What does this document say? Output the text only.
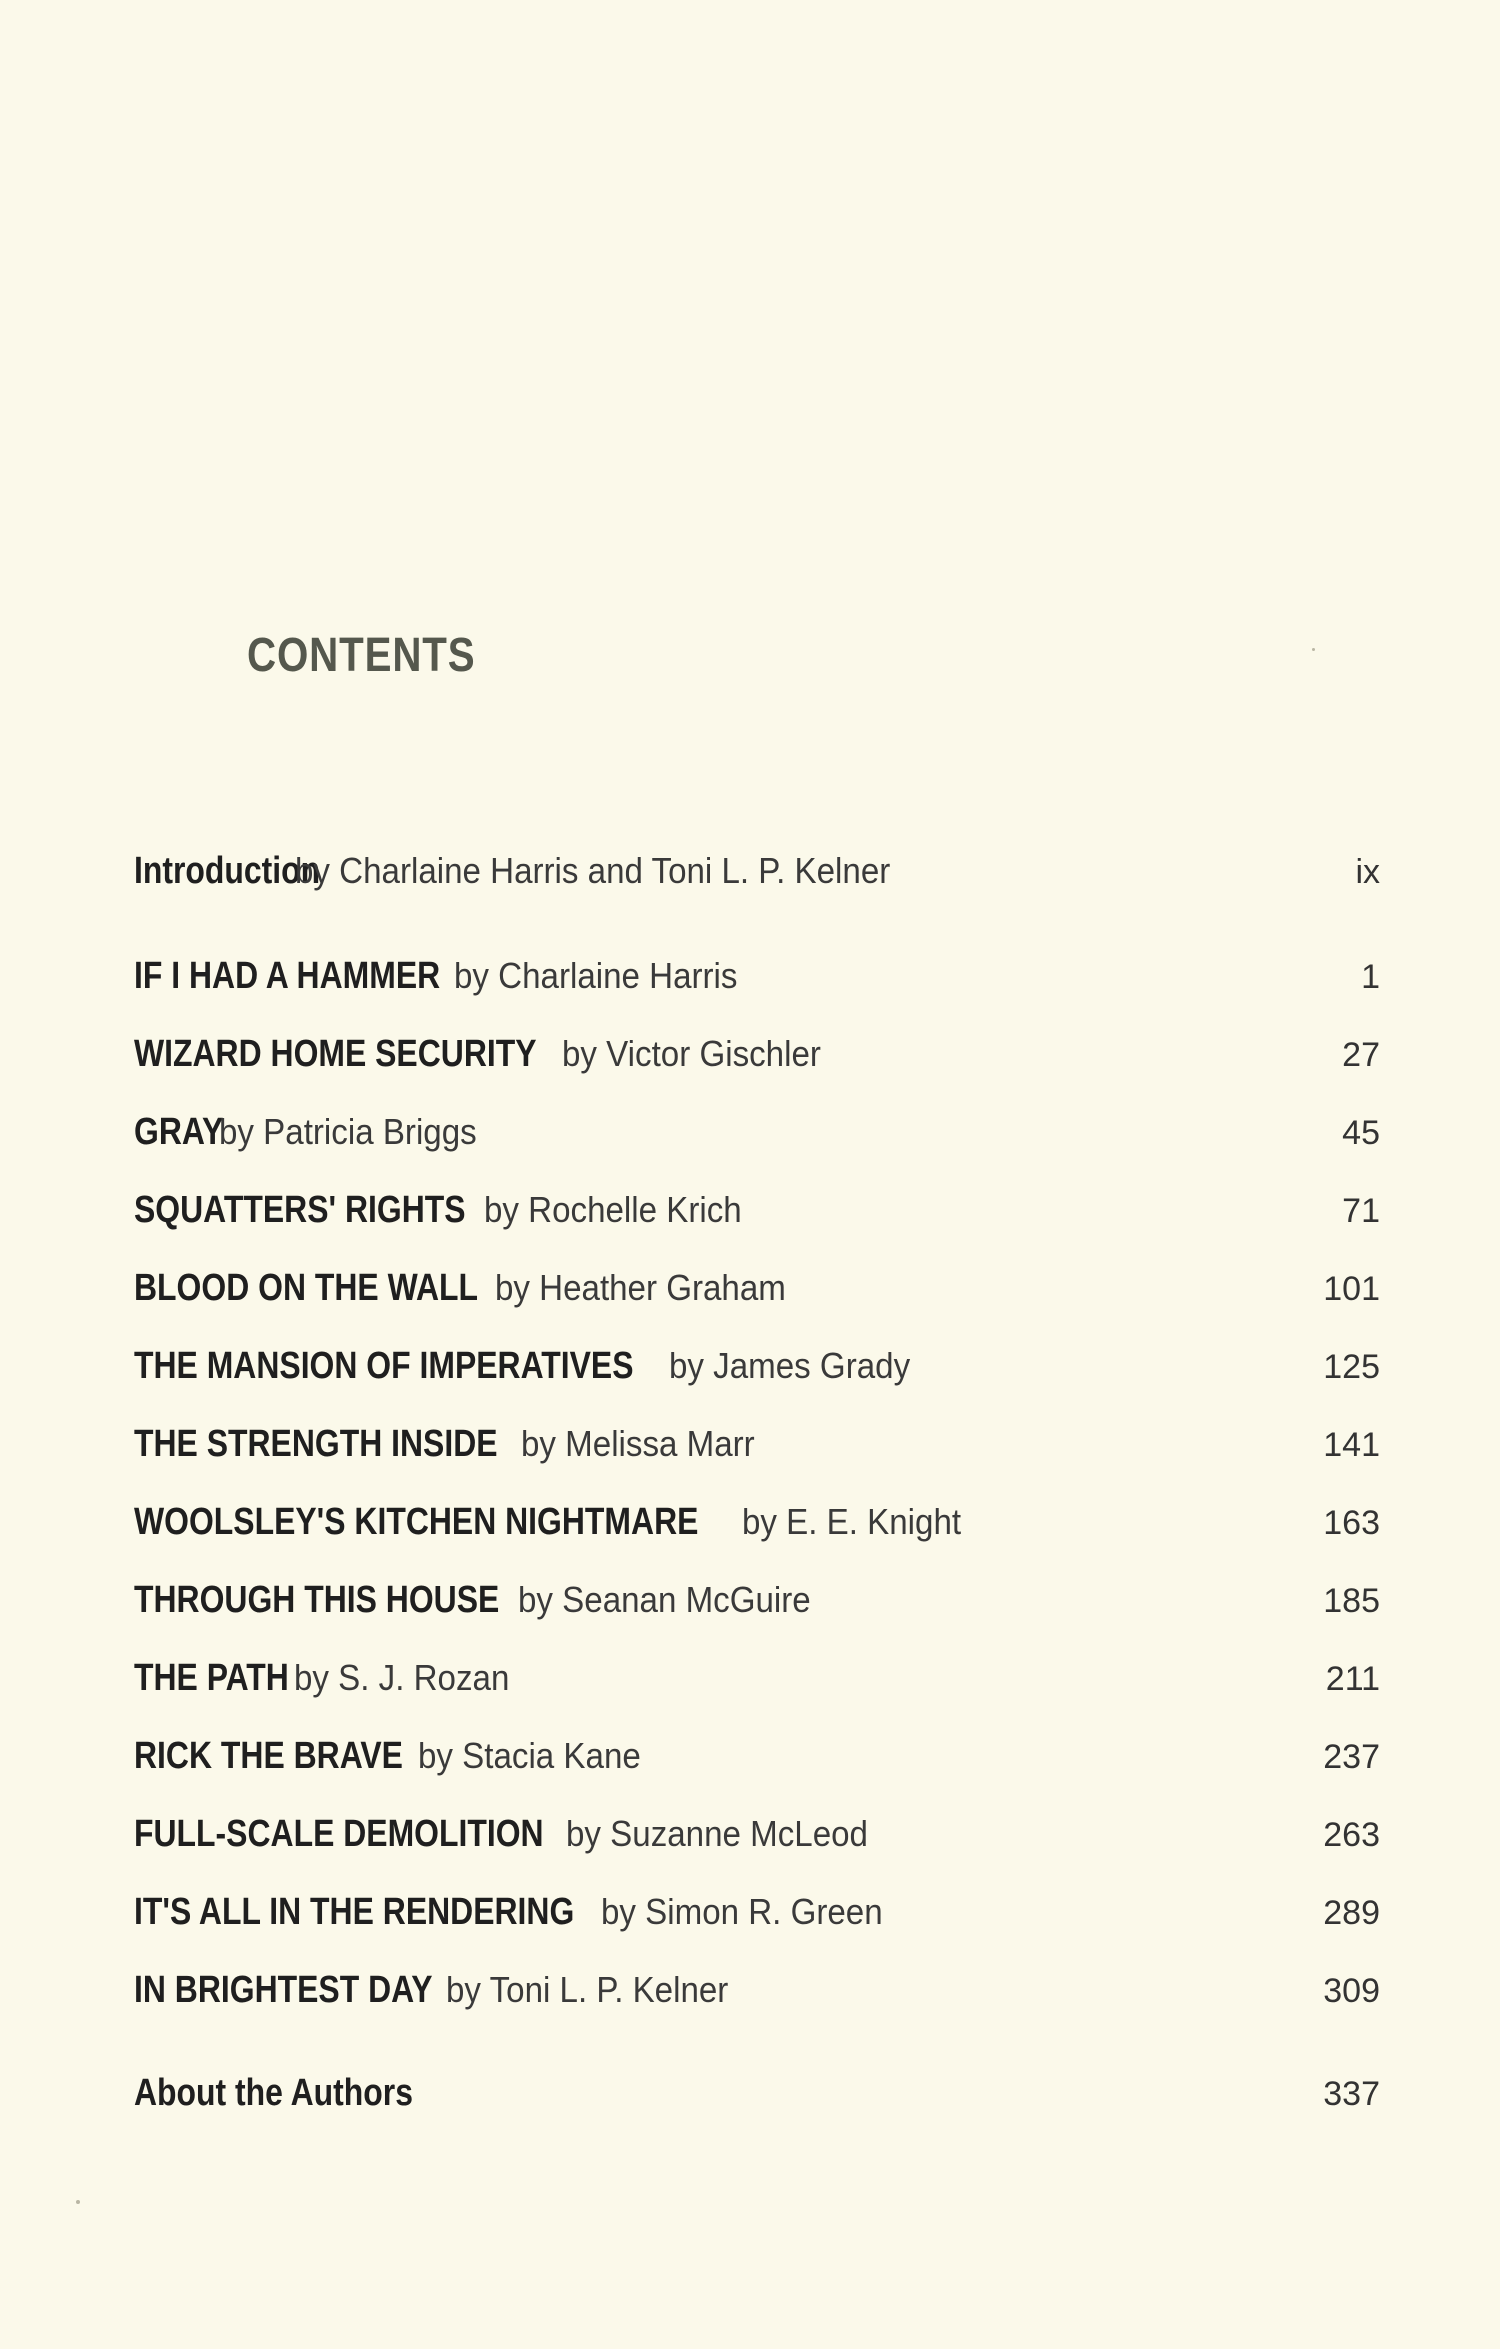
CONTENTS
Introduction by Charlaine Harris and Toni L. P. Kelner	ix
IF I HAD A HAMMER by Charlaine Harris	1
WIZARD HOME SECURITY by Victor Gischler	27
GRAY by Patricia Briggs	45
SQUATTERS' RIGHTS by Rochelle Krich	71
BLOOD ON THE WALL by Heather Graham	101
THE MANSION OF IMPERATIVES by James Grady	125
THE STRENGTH INSIDE by Melissa Marr	141
WOOLSLEY'S KITCHEN NIGHTMARE by E. E. Knight	163
THROUGH THIS HOUSE by Seanan McGuire	185
THE PATH by S. J. Rozan	211
RICK THE BRAVE by Stacia Kane	237
FULL-SCALE DEMOLITION by Suzanne McLeod	263
IT'S ALL IN THE RENDERING by Simon R. Green	289
IN BRIGHTEST DAY by Toni L. P. Kelner	309
About the Authors	337
